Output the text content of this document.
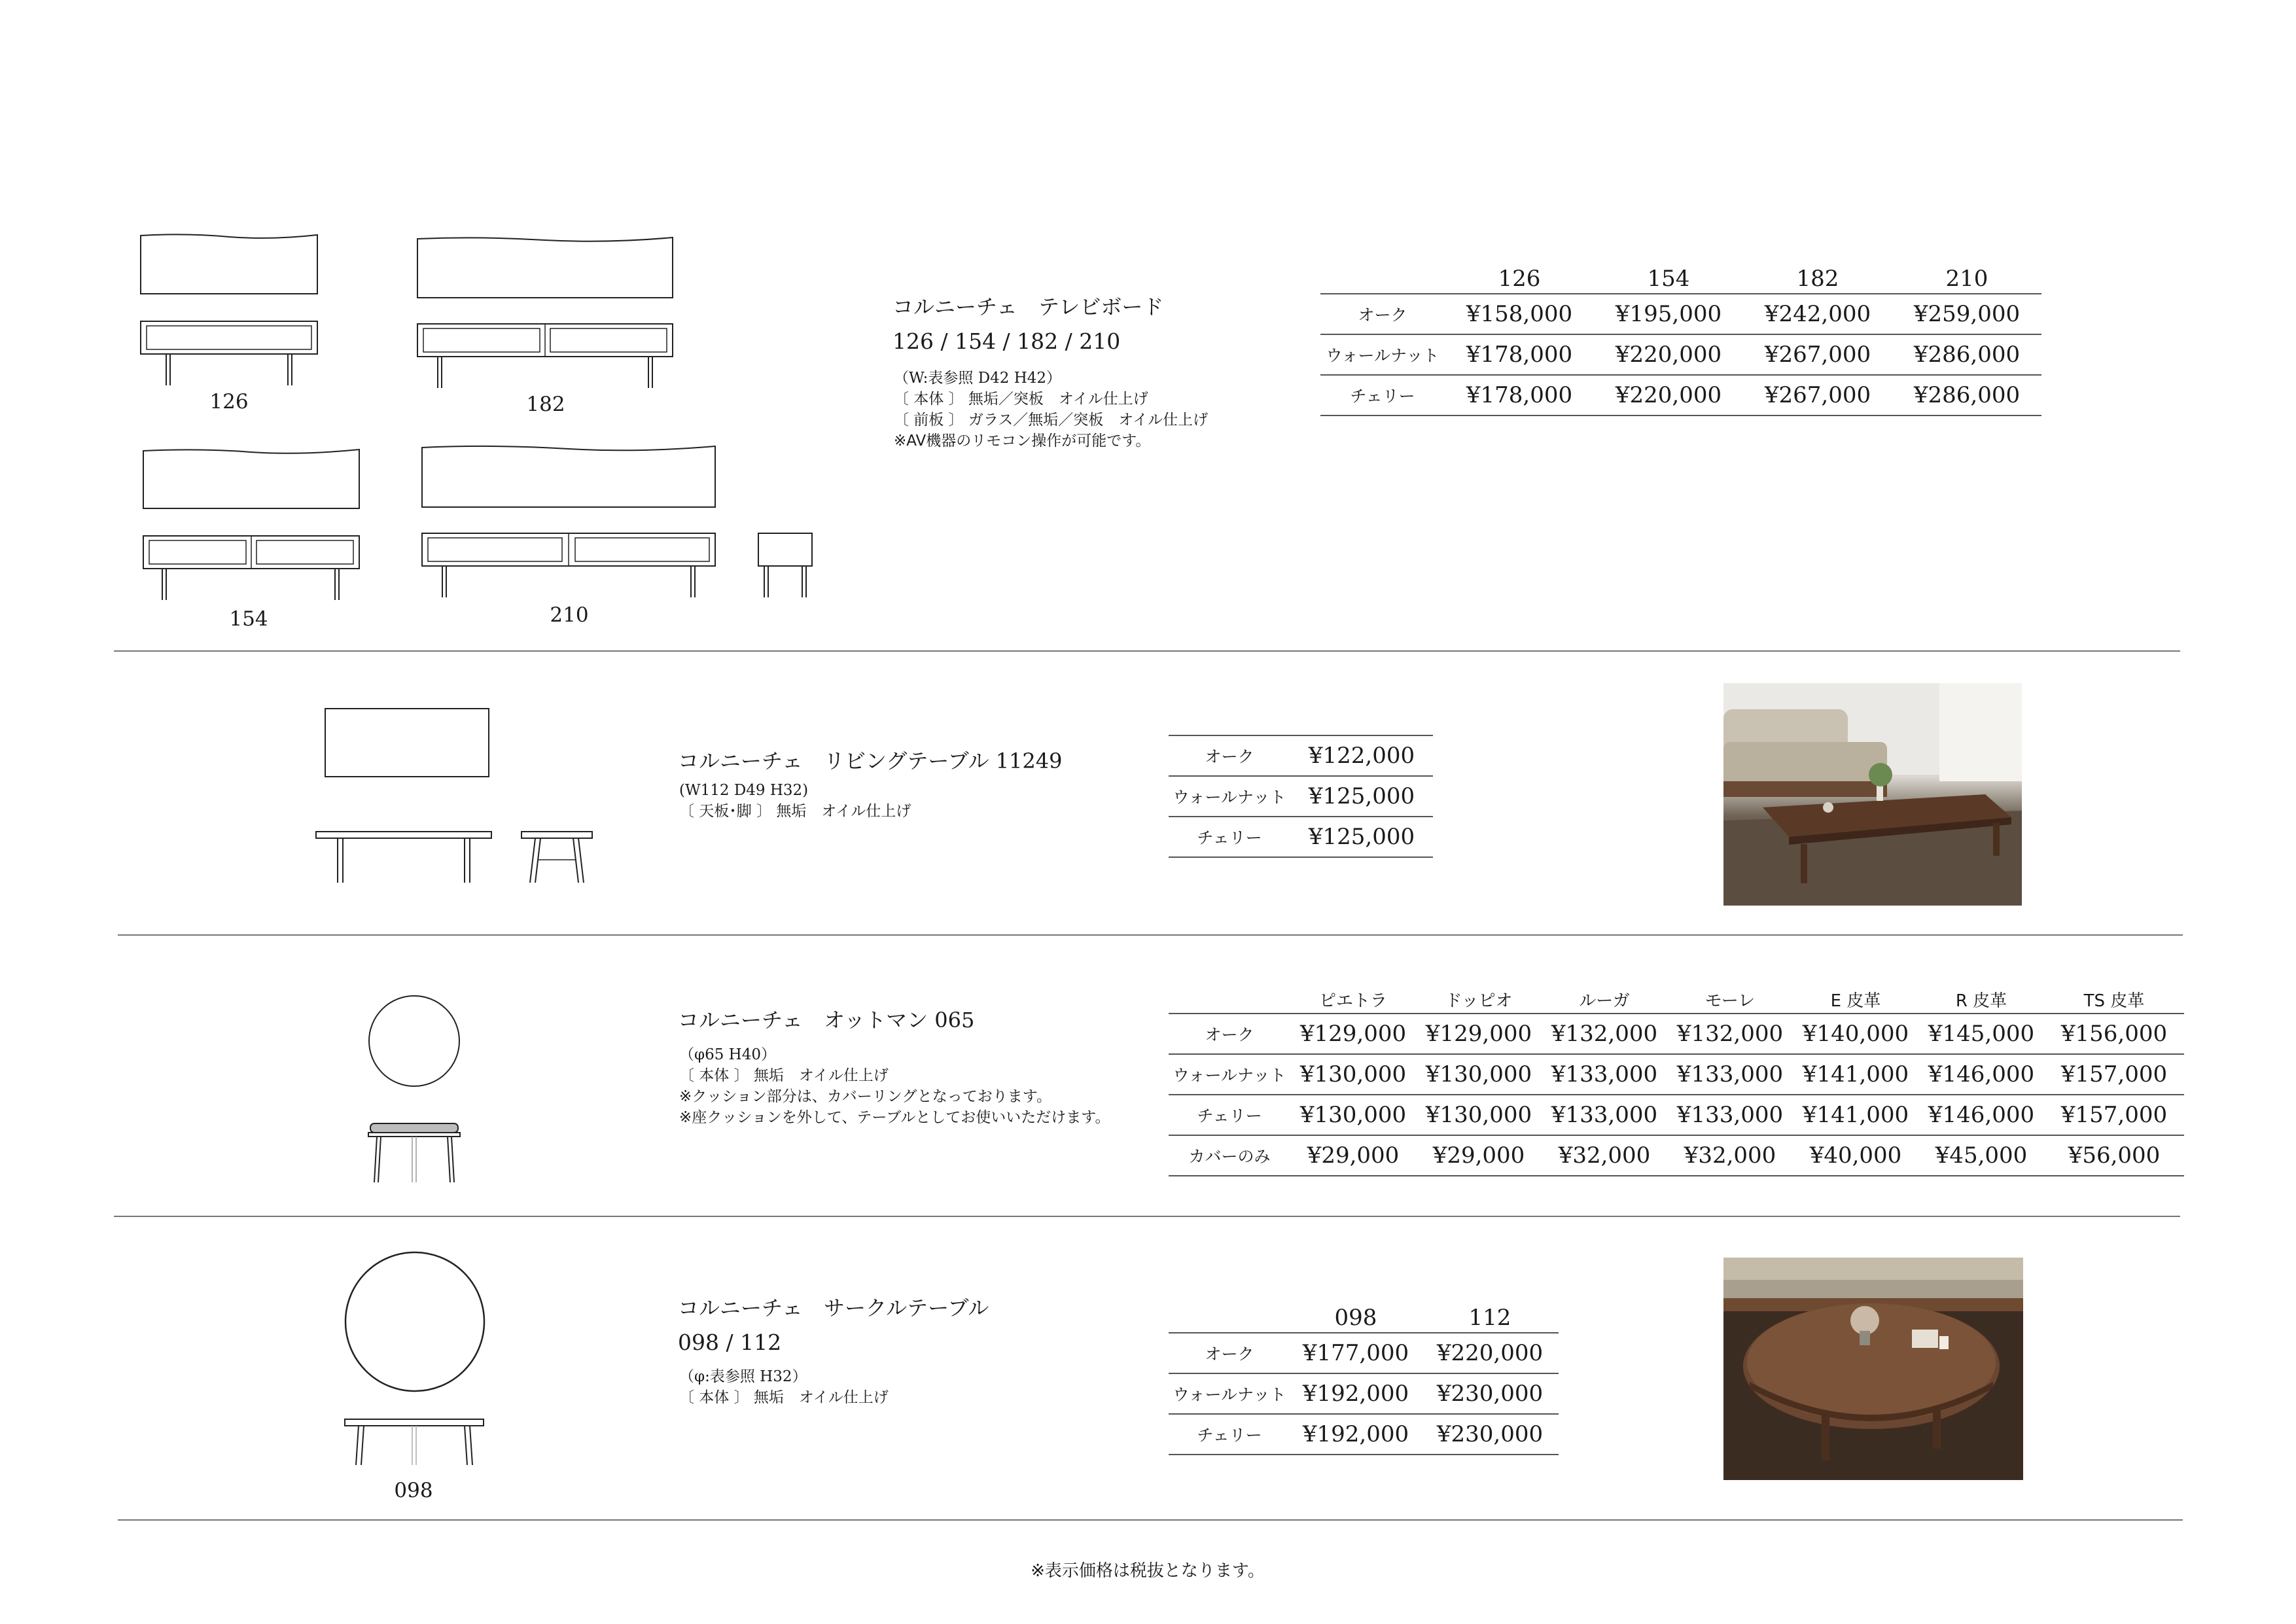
126	182
154	210
コルニーチェ　テレビボード
126 / 154 / 182 / 210
（W:表参照 D42 H42）
〔 本体 〕 無垢／突板　オイル仕上げ
〔 前板 〕 ガラス／無垢／突板　オイル仕上げ
※AV機器のリモコン操作が可能です。
	126	154	182	210
オーク	¥158,000	¥195,000	¥242,000	¥259,000
ウォールナット	¥178,000	¥220,000	¥267,000	¥286,000
チェリー	¥178,000	¥220,000	¥267,000	¥286,000
コルニーチェ　リビングテーブル 11249
(W112 D49 H32)
〔 天板･脚 〕 無垢　オイル仕上げ
オーク	¥122,000
ウォールナット	¥125,000
チェリー	¥125,000
コルニーチェ　オットマン 065
（φ65 H40）
〔 本体 〕 無垢　オイル仕上げ
※クッション部分は、カバーリングとなっております。
※座クッションを外して、テーブルとしてお使いいただけます。
	ピエトラ	ドッピオ	ルーガ	モーレ	E 皮革	R 皮革	TS 皮革
オーク	¥129,000	¥129,000	¥132,000	¥132,000	¥140,000	¥145,000	¥156,000
ウォールナット	¥130,000	¥130,000	¥133,000	¥133,000	¥141,000	¥146,000	¥157,000
チェリー	¥130,000	¥130,000	¥133,000	¥133,000	¥141,000	¥146,000	¥157,000
カバーのみ	¥29,000	¥29,000	¥32,000	¥32,000	¥40,000	¥45,000	¥56,000
098
コルニーチェ　サークルテーブル
098 / 112
（φ:表参照 H32）
〔 本体 〕 無垢　オイル仕上げ
	098	112
オーク	¥177,000	¥220,000
ウォールナット	¥192,000	¥230,000
チェリー	¥192,000	¥230,000
※表示価格は税抜となります。
